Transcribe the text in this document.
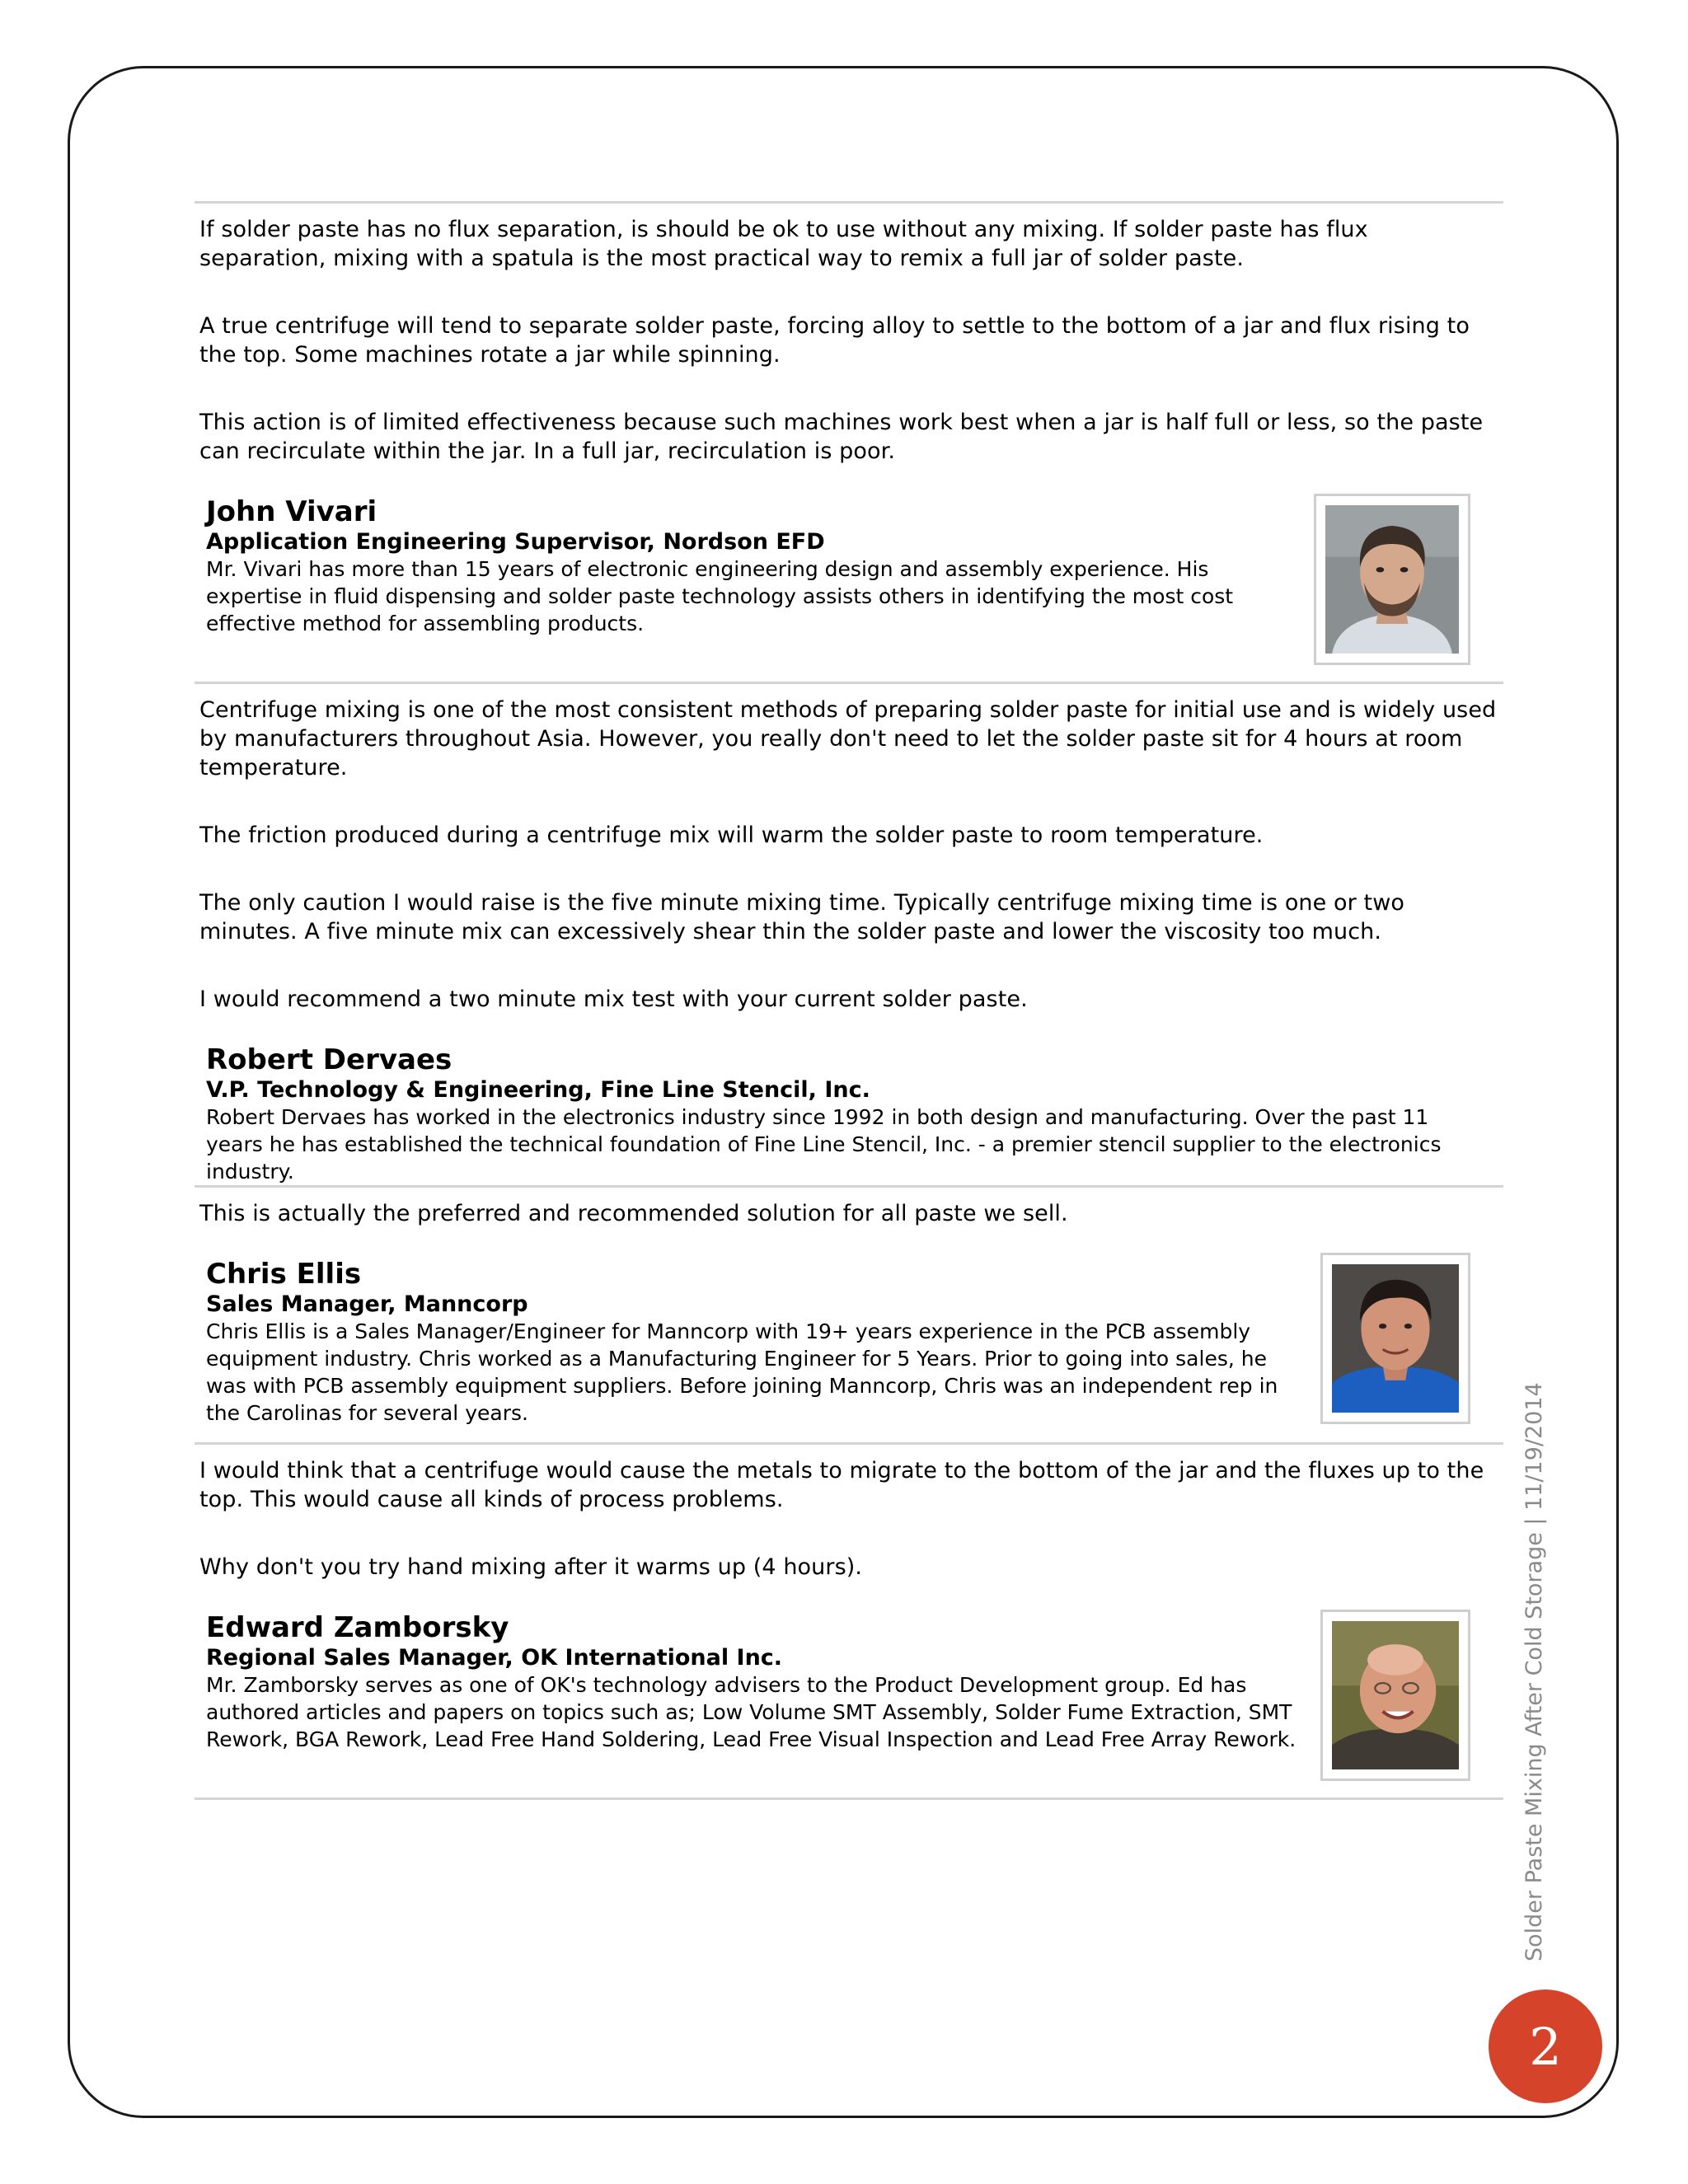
If solder paste has no flux separation, is should be ok to use without any mixing. If solder paste has flux separation, mixing with a spatula is the most practical way to remix a full jar of solder paste.

A true centrifuge will tend to separate solder paste, forcing alloy to settle to the bottom of a jar and flux rising to the top. Some machines rotate a jar while spinning.

This action is of limited effectiveness because such machines work best when a jar is half full or less, so the paste can recirculate within the jar. In a full jar, recirculation is poor.

John Vivari

Application Engineering Supervisor, Nordson EFD

Mr. Vivari has more than 15 years of electronic engineering design and assembly experience. His expertise in fluid dispensing and solder paste technology assists others in identifying the most cost effective method for assembling products.

Centrifuge mixing is one of the most consistent methods of preparing solder paste for initial use and is widely used by manufacturers throughout Asia. However, you really don't need to let the solder paste sit for 4 hours at room temperature.

The friction produced during a centrifuge mix will warm the solder paste to room temperature.

The only caution I would raise is the five minute mixing time. Typically centrifuge mixing time is one or two minutes. A five minute mix can excessively shear thin the solder paste and lower the viscosity too much.

I would recommend a two minute mix test with your current solder paste.

Robert Dervaes

V.P. Technology & Engineering, Fine Line Stencil, Inc.

Robert Dervaes has worked in the electronics industry since 1992 in both design and manufacturing. Over the past 11 years he has established the technical foundation of Fine Line Stencil, Inc. - a premier stencil supplier to the electronics industry.

This is actually the preferred and recommended solution for all paste we sell.

Chris Ellis

Sales Manager, Manncorp

Chris Ellis is a Sales Manager/Engineer for Manncorp with 19+ years experience in the PCB assembly equipment industry. Chris worked as a Manufacturing Engineer for 5 Years. Prior to going into sales, he was with PCB assembly equipment suppliers. Before joining Manncorp, Chris was an independent rep in the Carolinas for several years.

I would think that a centrifuge would cause the metals to migrate to the bottom of the jar and the fluxes up to the top. This would cause all kinds of process problems.

Why don't you try hand mixing after it warms up (4 hours).

Edward Zamborsky

Regional Sales Manager, OK International Inc.

Mr. Zamborsky serves as one of OK's technology advisers to the Product Development group. Ed has authored articles and papers on topics such as; Low Volume SMT Assembly, Solder Fume Extraction, SMT Rework, BGA Rework, Lead Free Hand Soldering, Lead Free Visual Inspection and Lead Free Array Rework.	Solder Paste Mixing After Cold Storage | 11/19/2014
2
